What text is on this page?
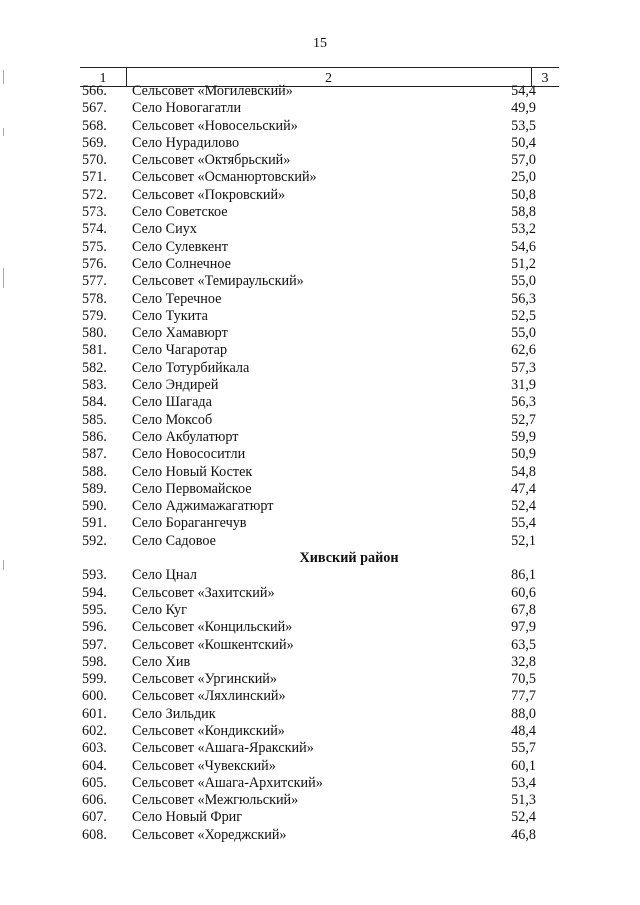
15
1	2	3
566.	Сельсовет «Могилевский»	54,4
567.	Село Новогагатли	49,9
568.	Сельсовет «Новосельский»	53,5
569.	Село Нурадилово	50,4
570.	Сельсовет «Октябрьский»	57,0
571.	Сельсовет «Османюртовский»	25,0
572.	Сельсовет «Покровский»	50,8
573.	Село Советское	58,8
574.	Село Сиух	53,2
575.	Село Сулевкент	54,6
576.	Село Солнечное	51,2
577.	Сельсовет «Темираульский»	55,0
578.	Село Теречное	56,3
579.	Село Тукита	52,5
580.	Село Хамавюрт	55,0
581.	Село Чагаротар	62,6
582.	Село Тотурбийкала	57,3
583.	Село Эндирей	31,9
584.	Село Шагада	56,3
585.	Село Моксоб	52,7
586.	Село Акбулатюрт	59,9
587.	Село Новососитли	50,9
588.	Село Новый Костек	54,8
589.	Село Первомайское	47,4
590.	Село Аджимажагатюрт	52,4
591.	Село Борагангечув	55,4
592.	Село Садовое	52,1
Хивский район
593.	Село Цнал	86,1
594.	Сельсовет «Захитский»	60,6
595.	Село Куг	67,8
596.	Сельсовет «Концильский»	97,9
597.	Сельсовет «Кошкентский»	63,5
598.	Село Хив	32,8
599.	Сельсовет «Ургинский»	70,5
600.	Сельсовет «Ляхлинский»	77,7
601.	Село Зильдик	88,0
602.	Сельсовет «Кондикский»	48,4
603.	Сельсовет «Ашага-Яракский»	55,7
604.	Сельсовет «Чувекский»	60,1
605.	Сельсовет «Ашага-Архитский»	53,4
606.	Сельсовет «Межгюльский»	51,3
607.	Село Новый Фриг	52,4
608.	Сельсовет «Хореджский»	46,8
